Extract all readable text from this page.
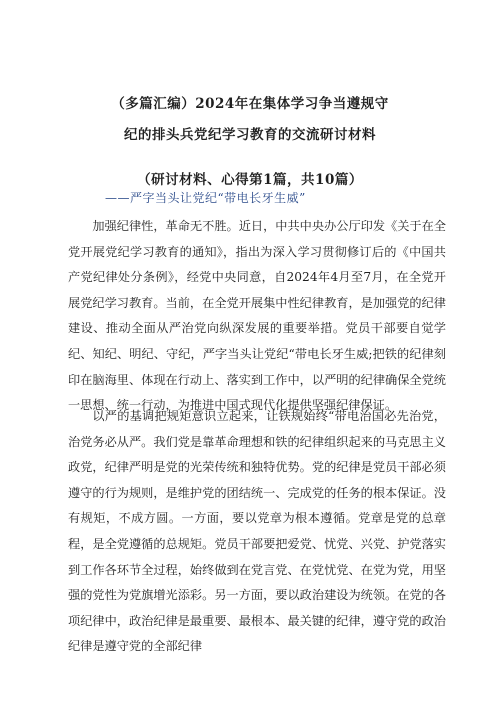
（多篇汇编）2024年在集体学习争当遵规守
纪的排头兵党纪学习教育的交流研讨材料
（研讨材料、心得第1篇，共10篇）
——严字当头让党纪“带电长牙生威”
加强纪律性，革命无不胜。近日，中共中央办公厅印发《关于在全党开展党纪学习教育的通知》，指出为深入学习贯彻修订后的《中国共产党纪律处分条例》，经党中央同意，自2024年4月至7月，在全党开展党纪学习教育。当前，在全党开展集中性纪律教育，是加强党的纪律建设、推动全面从严治党向纵深发展的重要举措。党员干部要自觉学纪、知纪、明纪、守纪，严字当头让党纪“带电长牙生威;把铁的纪律刻印在脑海里、体现在行动上、落实到工作中，以严明的纪律确保全党统一思想、统一行动，为推进中国式现代化提供坚强纪律保证。
以严的基调把规矩意识立起来，让铁规始终“带电治国必先治党，治党务必从严。我们党是靠革命理想和铁的纪律组织起来的马克思主义政党，纪律严明是党的光荣传统和独特优势。党的纪律是党员干部必须遵守的行为规则，是维护党的团结统一、完成党的任务的根本保证。没有规矩，不成方圆。一方面，要以党章为根本遵循。党章是党的总章程，是全党遵循的总规矩。党员干部要把爱党、忧党、兴党、护党落实到工作各环节全过程，始终做到在党言党、在党忧党、在党为党，用坚强的党性为党旗增光添彩。另一方面，要以政治建设为统领。在党的各项纪律中，政治纪律是最重要、最根本、最关键的纪律，遵守党的政治纪律是遵守党的全部纪律
